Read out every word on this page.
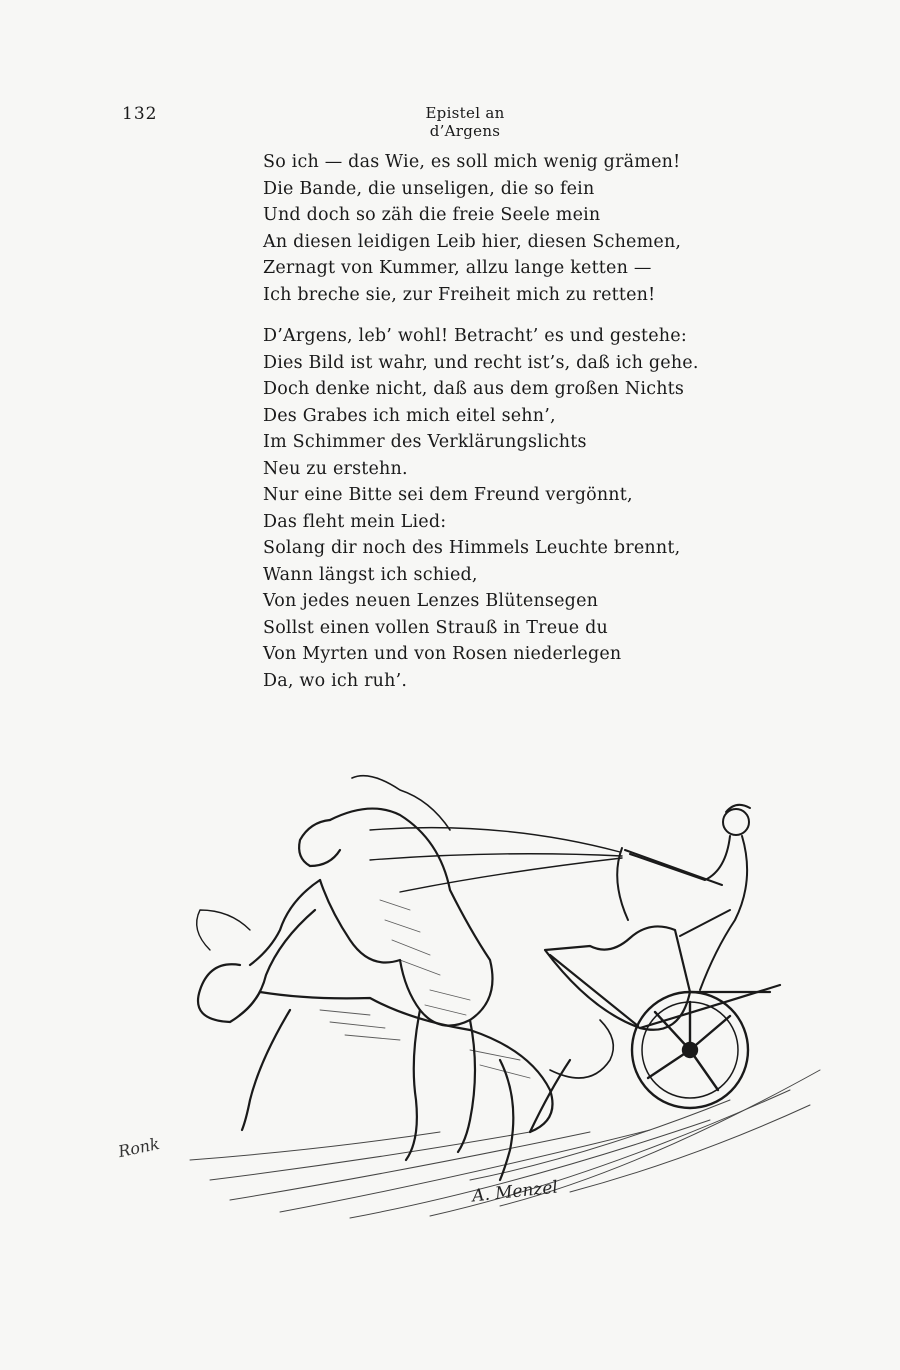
132	Epistel an d’Argens
So ich — das Wie, es soll mich wenig grämen!
Die Bande, die unseligen, die so fein
Und doch so zäh die freie Seele mein
An diesen leidigen Leib hier, diesen Schemen,
Zernagt von Kummer, allzu lange ketten —
Ich breche sie, zur Freiheit mich zu retten!
D’Argens, leb’ wohl! Betracht’ es und gestehe:
Dies Bild ist wahr, und recht ist’s, daß ich gehe.
Doch denke nicht, daß aus dem großen Nichts
Des Grabes ich mich eitel sehn’,
Im Schimmer des Verklärungslichts
Neu zu erstehn.
Nur eine Bitte sei dem Freund vergönnt,
Das fleht mein Lied:
Solang dir noch des Himmels Leuchte brennt,
Wann längst ich schied,
Von jedes neuen Lenzes Blütensegen
Sollst einen vollen Strauß in Treue du
Von Myrten und von Rosen niederlegen
Da, wo ich ruh’.
Ronk
A. Menzel
